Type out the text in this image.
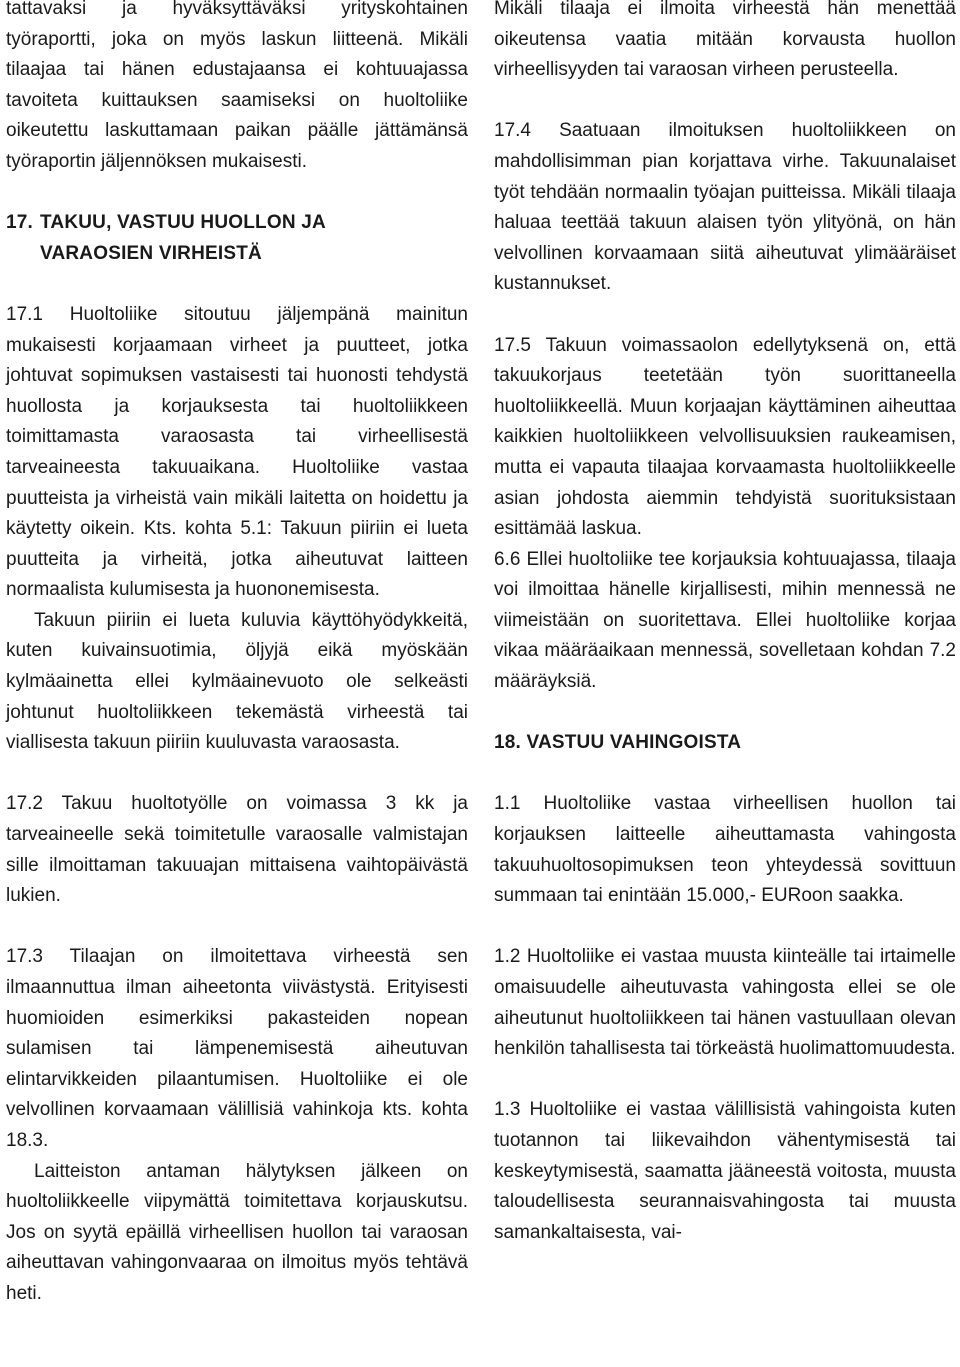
tattavaksi ja hyväksyttäväksi yrityskohtainen työraportti, joka on myös laskun liitteenä. Mikäli tilaajaa tai hänen edustajaansa ei kohtuuajassa tavoiteta kuittauksen saamiseksi on huoltoliike oikeutettu laskuttamaan paikan päälle jättämänsä työraportin jäljennöksen mukaisesti.

17. TAKUU, VASTUU HUOLLON JA
VARAOSIEN VIRHEISTÄ

17.1 Huoltoliike sitoutuu jäljempänä mainitun mukaisesti korjaamaan virheet ja puutteet, jotka johtuvat sopimuksen vastaisesti tai huonosti tehdystä huollosta ja korjauksesta tai huoltoliikkeen toimittamasta varaosasta tai virheellisestä tarveaineesta takuuaikana. Huoltoliike vastaa puutteista ja virheistä vain mikäli laitetta on hoidettu ja käytetty oikein. Kts. kohta 5.1: Takuun piiriin ei lueta puutteita ja virheitä, jotka aiheutuvat laitteen normaalista kulumisesta ja huononemisesta.

Takuun piiriin ei lueta kuluvia käyttöhyödykkeitä, kuten kuivainsuotimia, öljyjä eikä myöskään kylmäainetta ellei kylmäainevuoto ole selkeästi johtunut huoltoliikkeen tekemästä virheestä tai viallisesta takuun piiriin kuuluvasta varaosasta.

17.2 Takuu huoltotyölle on voimassa 3 kk ja tarveaineelle sekä toimitetulle varaosalle valmistajan sille ilmoittaman takuuajan mittaisena vaihtopäivästä lukien.

17.3 Tilaajan on ilmoitettava virheestä sen ilmaannuttua ilman aiheetonta viivästystä. Erityisesti huomioiden esimerkiksi pakasteiden nopean sulamisen tai lämpenemisestä aiheutuvan elintarvikkeiden pilaantumisen. Huoltoliike ei ole velvollinen korvaamaan välillisiä vahinkoja kts. kohta 18.3.

Laitteiston antaman hälytyksen jälkeen on huoltoliikkeelle viipymättä toimitettava korjauskutsu. Jos on syytä epäillä virheellisen huollon tai varaosan aiheuttavan vahingonvaaraa on ilmoitus myös tehtävä heti.

Mikäli tilaaja ei ilmoita virheestä hän menettää oikeutensa vaatia mitään korvausta huollon virheellisyyden tai varaosan virheen perusteella.

17.4 Saatuaan ilmoituksen huoltoliikkeen on mahdollisimman pian korjattava virhe. Takuunalaiset työt tehdään normaalin työajan puitteissa. Mikäli tilaaja haluaa teettää takuun alaisen työn ylityönä, on hän velvollinen korvaamaan siitä aiheutuvat ylimääräiset kustannukset.

17.5 Takuun voimassaolon edellytyksenä on, että takuukorjaus teetetään työn suorittaneella huoltoliikkeellä. Muun korjaajan käyttäminen aiheuttaa kaikkien huoltoliikkeen velvollisuuksien raukeamisen, mutta ei vapauta tilaajaa korvaamasta huoltoliikkeelle asian johdosta aiemmin tehdyistä suorituksistaan esittämää laskua.

6.6 Ellei huoltoliike tee korjauksia kohtuuajassa, tilaaja voi ilmoittaa hänelle kirjallisesti, mihin mennessä ne viimeistään on suoritettava. Ellei huoltoliike korjaa vikaa määräaikaan mennessä, sovelletaan kohdan 7.2 määräyksiä.

18. VASTUU VAHINGOISTA

1.1 Huoltoliike vastaa virheellisen huollon tai korjauksen laitteelle aiheuttamasta vahingosta takuuhuoltosopimuksen teon yhteydessä sovittuun summaan tai enintään 15.000,- EURoon saakka.

1.2 Huoltoliike ei vastaa muusta kiinteälle tai irtaimelle omaisuudelle aiheutuvasta vahingosta ellei se ole aiheutunut huoltoliikkeen tai hänen vastuullaan olevan henkilön tahallisesta tai törkeästä huolimattomuudesta.

1.3 Huoltoliike ei vastaa välillisistä vahingoista kuten tuotannon tai liikevaihdon vähentymisestä tai keskeytymisestä, saamatta jääneestä voitosta, muusta taloudellisesta seurannaisvahingosta tai muusta samankaltaisesta, vai-
